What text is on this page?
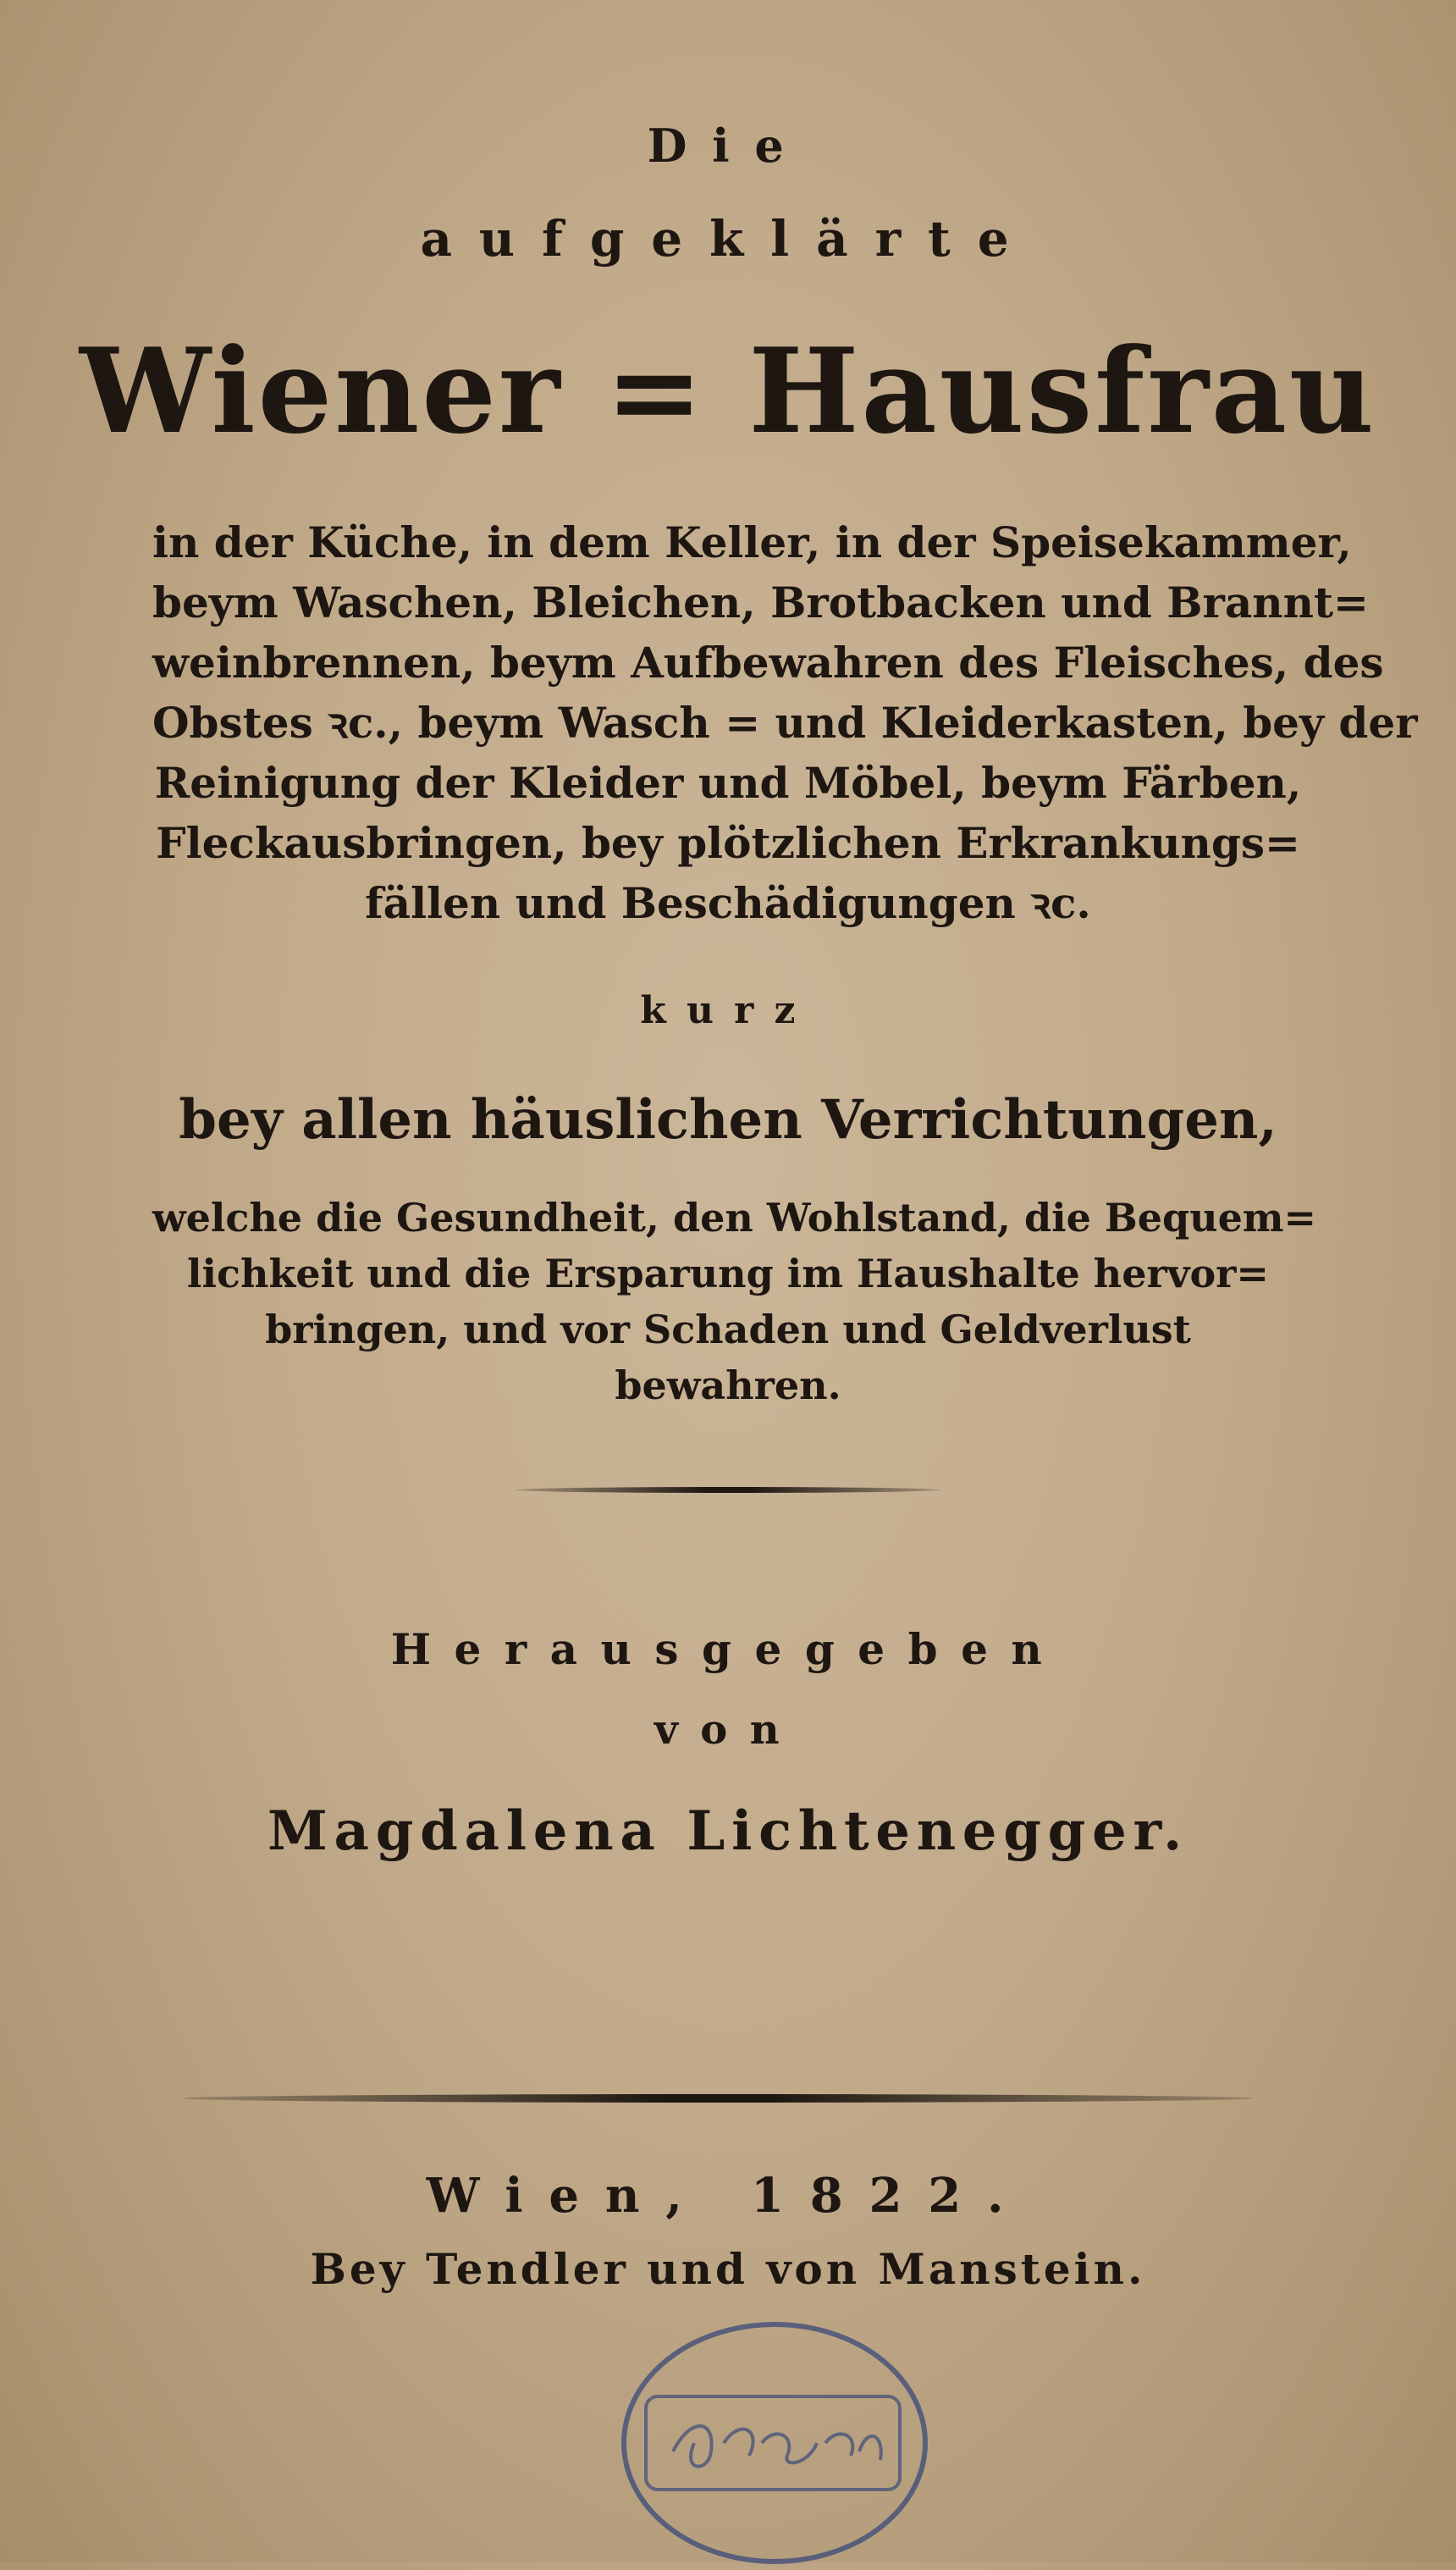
Die
aufgeklärte
Wiener = Hausfrau
in der Küche, in dem Keller, in der Speisekammer,
beym Waschen, Bleichen, Brotbacken und Brannt=
weinbrennen, beym Aufbewahren des Fleisches, des
Obstes ꝛc., beym Wasch = und Kleiderkasten, bey der
Reinigung der Kleider und Möbel, beym Färben,
Fleckausbringen, bey plötzlichen Erkrankungs=
fällen und Beschädigungen ꝛc.
kurz
bey allen häuslichen Verrichtungen,
welche die Gesundheit, den Wohlstand, die Bequem=
lichkeit und die Ersparung im Haushalte hervor=
bringen, und vor Schaden und Geldverlust
bewahren.
Herausgegeben
von
Magdalena Lichtenegger.
Wien, 1822.
Bey Tendler und von Manstein.
